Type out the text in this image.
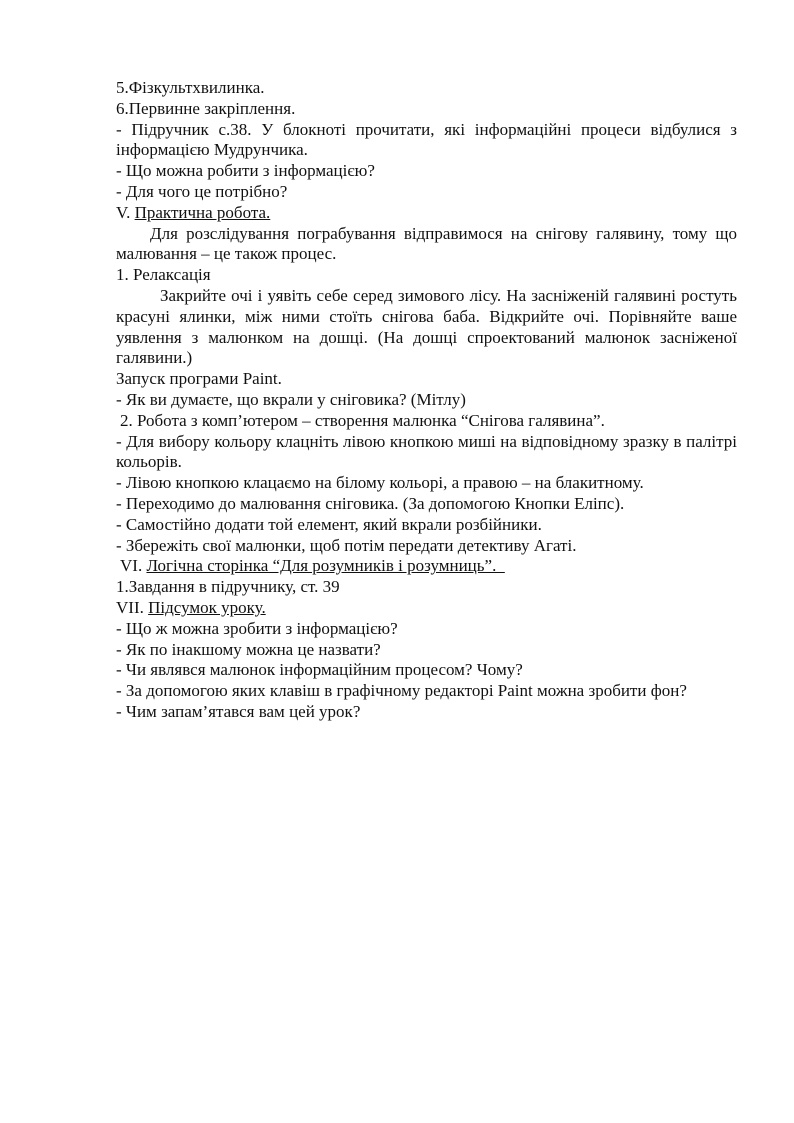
5.Фізкультхвилинка.

6.Первинне закріплення.

- Підручник с.38. У блокноті прочитати, які інформаційні процеси відбулися з інформацією Мудрунчика.

- Що можна робити з інформацією?

- Для чого це потрібно?

V. Практична робота.

Для розслідування пограбування відправимося на снігову галявину, тому що малювання – це також процес.

1. Релаксація

Закрийте очі і уявіть себе серед зимового лісу. На засніженій галявині ростуть красуні ялинки, між ними стоїть снігова баба. Відкрийте очі. Порівняйте ваше уявлення з малюнком на дошці. (На дошці спроектований малюнок засніженої галявини.)

Запуск програми Paint.

- Як ви думаєте, що вкрали у сніговика? (Мітлу)

2. Робота з комп’ютером – створення малюнка “Снігова галявина”.

- Для вибору кольору клацніть лівою кнопкою миші на відповідному зразку в палітрі кольорів.

- Лівою кнопкою клацаємо на білому кольорі, а правою – на блакитному.

- Переходимо до малювання сніговика. (За допомогою Кнопки Еліпс).

- Самостійно додати той елемент, який вкрали розбійники.

- Збережіть свої малюнки, щоб потім передати детективу Агаті.

VI. Логічна сторінка “Для розумників і розумниць”.

1.Завдання в підручнику, ст. 39

VII. Підсумок уроку.

- Що ж можна зробити з інформацією?

- Як по інакшому можна це назвати?

- Чи являвся малюнок інформаційним процесом? Чому?

- За допомогою яких клавіш в графічному редакторі Paint можна зробити фон?

- Чим запам’ятався вам цей урок?
